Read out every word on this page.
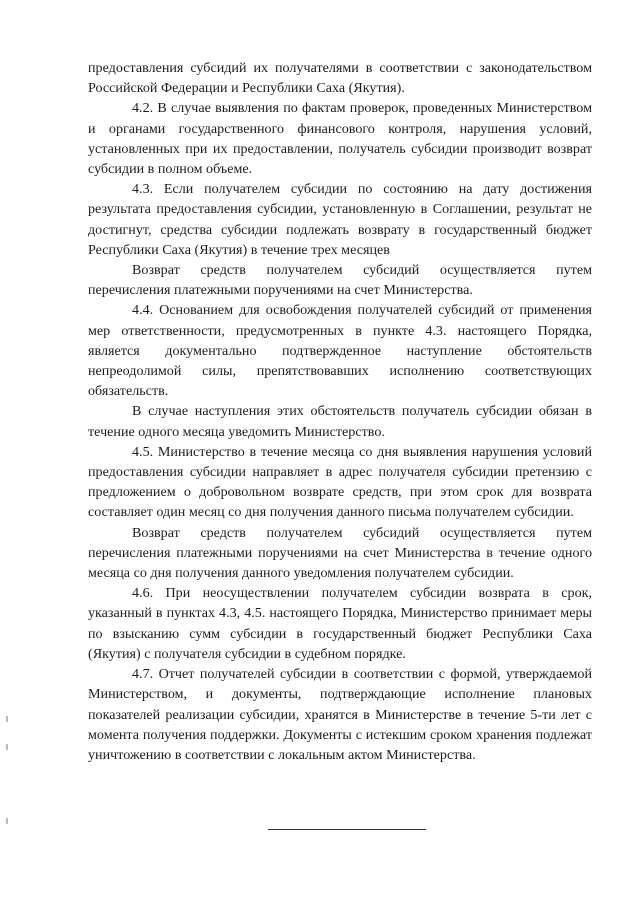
предоставления субсидий их получателями в соответствии с законодательством Российской Федерации и Республики Саха (Якутия).

4.2. В случае выявления по фактам проверок, проведенных Министерством и органами государственного финансового контроля, нарушения условий, установленных при их предоставлении, получатель субсидии производит возврат субсидии в полном объеме.

4.3. Если получателем субсидии по состоянию на дату достижения результата предоставления субсидии, установленную в Соглашении, результат не достигнут, средства субсидии подлежать возврату в государственный бюджет Республики Саха (Якутия) в течение трех месяцев

Возврат средств получателем субсидий осуществляется путем перечисления платежными поручениями на счет Министерства.

4.4. Основанием для освобождения получателей субсидий от применения мер ответственности, предусмотренных в пункте 4.3. настоящего Порядка, является документально подтвержденное наступление обстоятельств непреодолимой силы, препятствовавших исполнению соответствующих обязательств.

В случае наступления этих обстоятельств получатель субсидии обязан в течение одного месяца уведомить Министерство.

4.5. Министерство в течение месяца со дня выявления нарушения условий предоставления субсидии направляет в адрес получателя субсидии претензию с предложением о добровольном возврате средств, при этом срок для возврата составляет один месяц со дня получения данного письма получателем субсидии.

Возврат средств получателем субсидий осуществляется путем перечисления платежными поручениями на счет Министерства в течение одного месяца со дня получения данного уведомления получателем субсидии.

4.6. При неосуществлении получателем субсидии возврата в срок, указанный в пунктах 4.3, 4.5. настоящего Порядка, Министерство принимает меры по взысканию сумм субсидии в государственный бюджет Республики Саха (Якутия) с получателя субсидии в судебном порядке.

4.7. Отчет получателей субсидии в соответствии с формой, утверждаемой Министерством, и документы, подтверждающие исполнение плановых показателей реализации субсидии, хранятся в Министерстве в течение 5-ти лет с момента получения поддержки. Документы с истекшим сроком хранения подлежат уничтожению в соответствии с локальным актом Министерства.
